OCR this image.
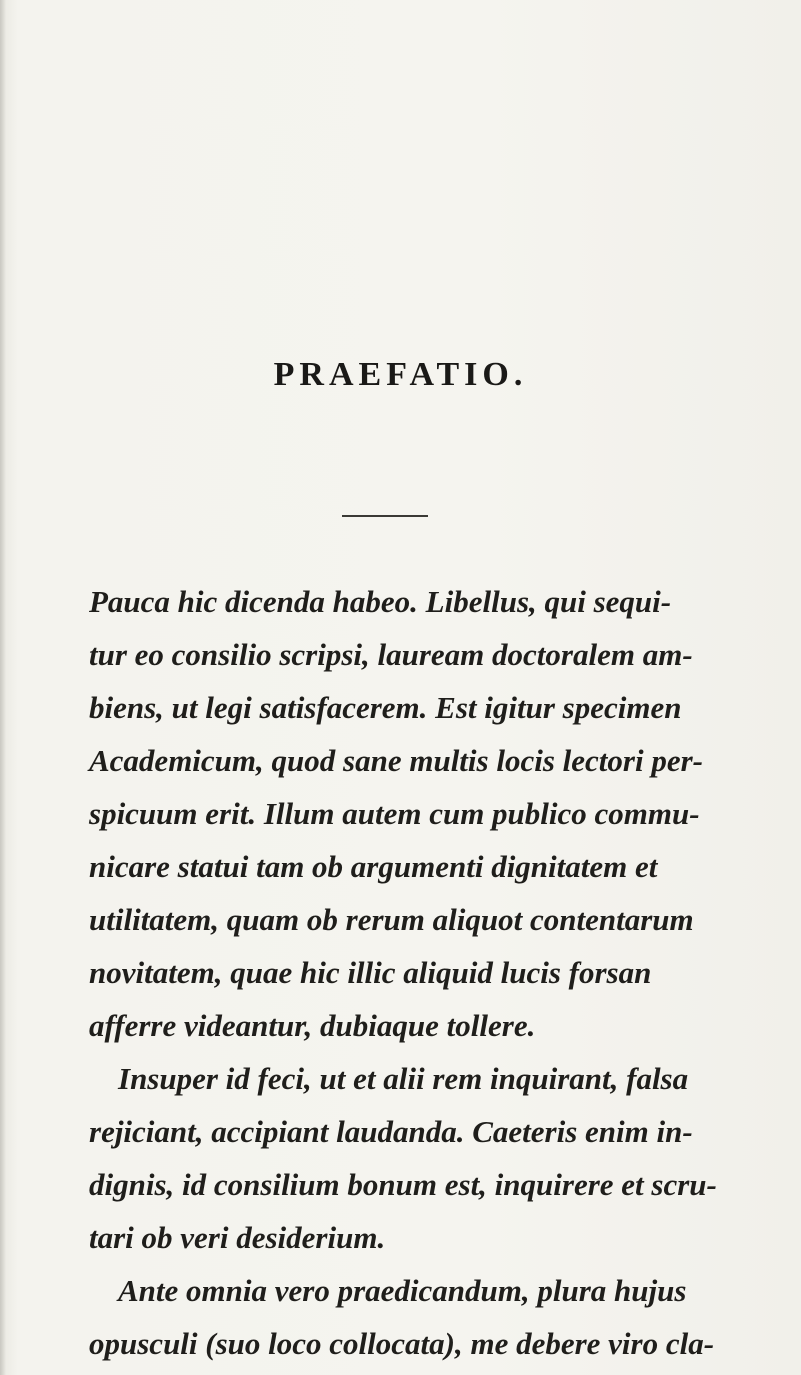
PRAEFATIO.
Pauca hic dicenda habeo. Libellus, qui sequi-
tur eo consilio scripsi, lauream doctoralem am-
biens, ut legi satisfacerem. Est igitur specimen
Academicum, quod sane multis locis lectori per-
spicuum erit. Illum autem cum publico commu-
nicare statui tam ob argumenti dignitatem et
utilitatem, quam ob rerum aliquot contentarum
novitatem, quae hic illic aliquid lucis forsan
afferre videantur, dubiaque tollere.
Insuper id feci, ut et alii rem inquirant, falsa
rejiciant, accipiant laudanda. Caeteris enim in-
dignis, id consilium bonum est, inquirere et scru-
tari ob veri desiderium.
Ante omnia vero praedicandum, plura hujus
opusculi (suo loco collocata), me debere viro cla-
